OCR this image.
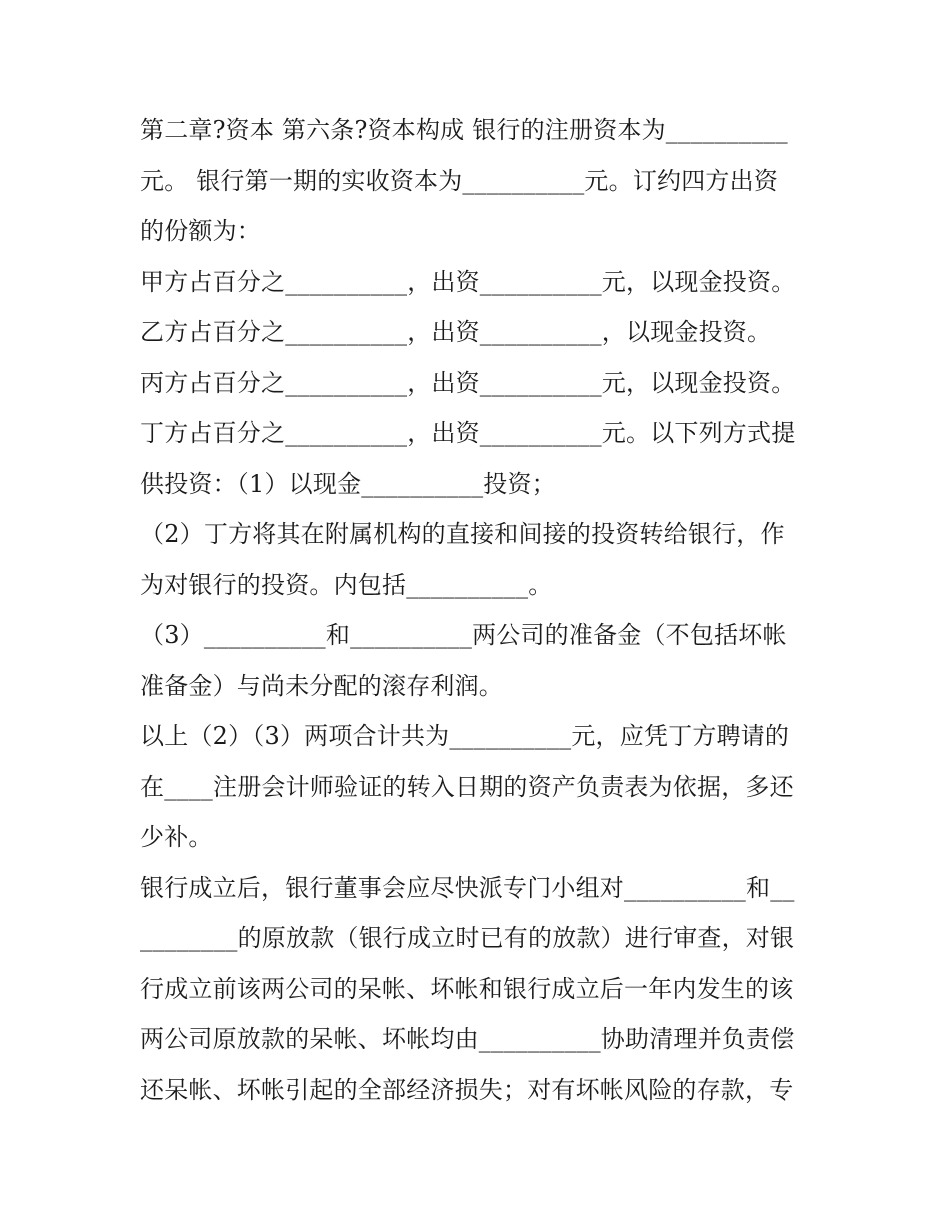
第二章?资本 第六条?资本构成 银行的注册资本为__________
元。 银行第一期的实收资本为__________元。订约四方出资
的份额为：
甲方占百分之__________，出资__________元，以现金投资。
乙方占百分之__________，出资__________，以现金投资。
丙方占百分之__________，出资__________元，以现金投资。
丁方占百分之__________，出资__________元。以下列方式提
供投资：（1）以现金__________投资；
（2）丁方将其在附属机构的直接和间接的投资转给银行，作
为对银行的投资。内包括__________。
（3）__________和__________两公司的准备金（不包括坏帐
准备金）与尚未分配的滚存利润。
以上（2）（3）两项合计共为__________元，应凭丁方聘请的
在____注册会计师验证的转入日期的资产负责表为依据，多还
少补。
银行成立后，银行董事会应尽快派专门小组对__________和__
________的原放款（银行成立时已有的放款）进行审查，对银
行成立前该两公司的呆帐、坏帐和银行成立后一年内发生的该
两公司原放款的呆帐、坏帐均由__________协助清理并负责偿
还呆帐、坏帐引起的全部经济损失；对有坏帐风险的存款，专
